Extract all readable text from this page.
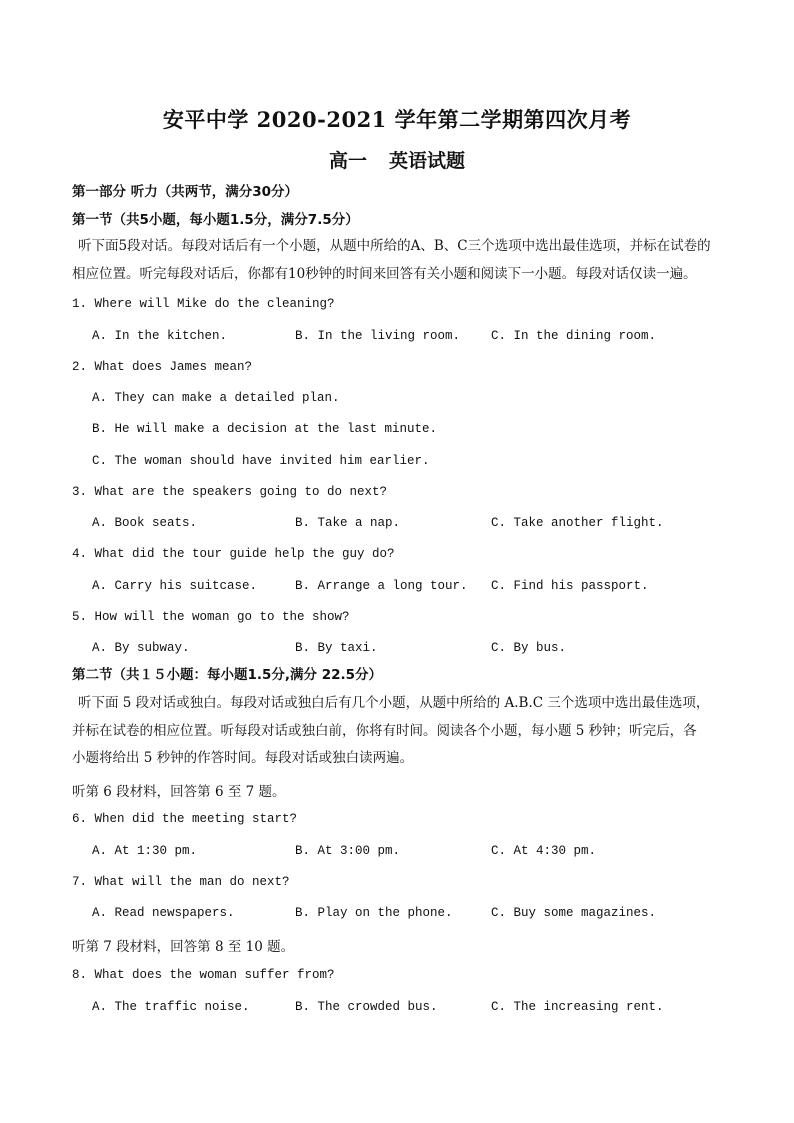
安平中学 2020-2021 学年第二学期第四次月考
高一 英语试题
第一部分 听力（共两节，满分30分）
第一节（共5小题，每小题1.5分，满分7.5分）
听下面5段对话。每段对话后有一个小题，从题中所给的A、B、C三个选项中选出最佳选项，并标在试卷的
相应位置。听完每段对话后，你都有10秒钟的时间来回答有关小题和阅读下一小题。每段对话仅读一遍。
1. Where will Mike do the cleaning?
A. In the kitchen.	B. In the living room. C. In the dining room.
2. What does James mean?
A. They can make a detailed plan.
B. He will make a decision at the last minute.
C. The woman should have invited him earlier.
3. What are the speakers going to do next?
A. Book seats.	B. Take a nap.	C. Take another flight.
4. What did the tour guide help the guy do?
A. Carry his suitcase.	B. Arrange a long tour. C. Find his passport.
5. How will the woman go to the show?
A. By subway.	B. By taxi.	C. By bus.
第二节（共１５小题：每小题1.5分,满分 22.5分）
听下面 5 段对话或独白。每段对话或独白后有几个小题，从题中所给的 A.B.C 三个选项中选出最佳选项，
并标在试卷的相应位置。听每段对话或独白前，你将有时间。阅读各个小题，每小题 5 秒钟；听完后，各
小题将给出 5 秒钟的作答时间。每段对话或独白读两遍。
听第 6 段材料，回答第 6 至 7 题。
6. When did the meeting start?
A. At 1:30 pm.	B. At 3:00 pm.	C. At 4:30 pm.
7. What will the man do next?
A. Read newspapers.	B. Play on the phone.	C. Buy some magazines.
听第 7 段材料，回答第 8 至 10 题。
8. What does the woman suffer from?
A. The traffic noise.	B. The crowded bus.	C. The increasing rent.
